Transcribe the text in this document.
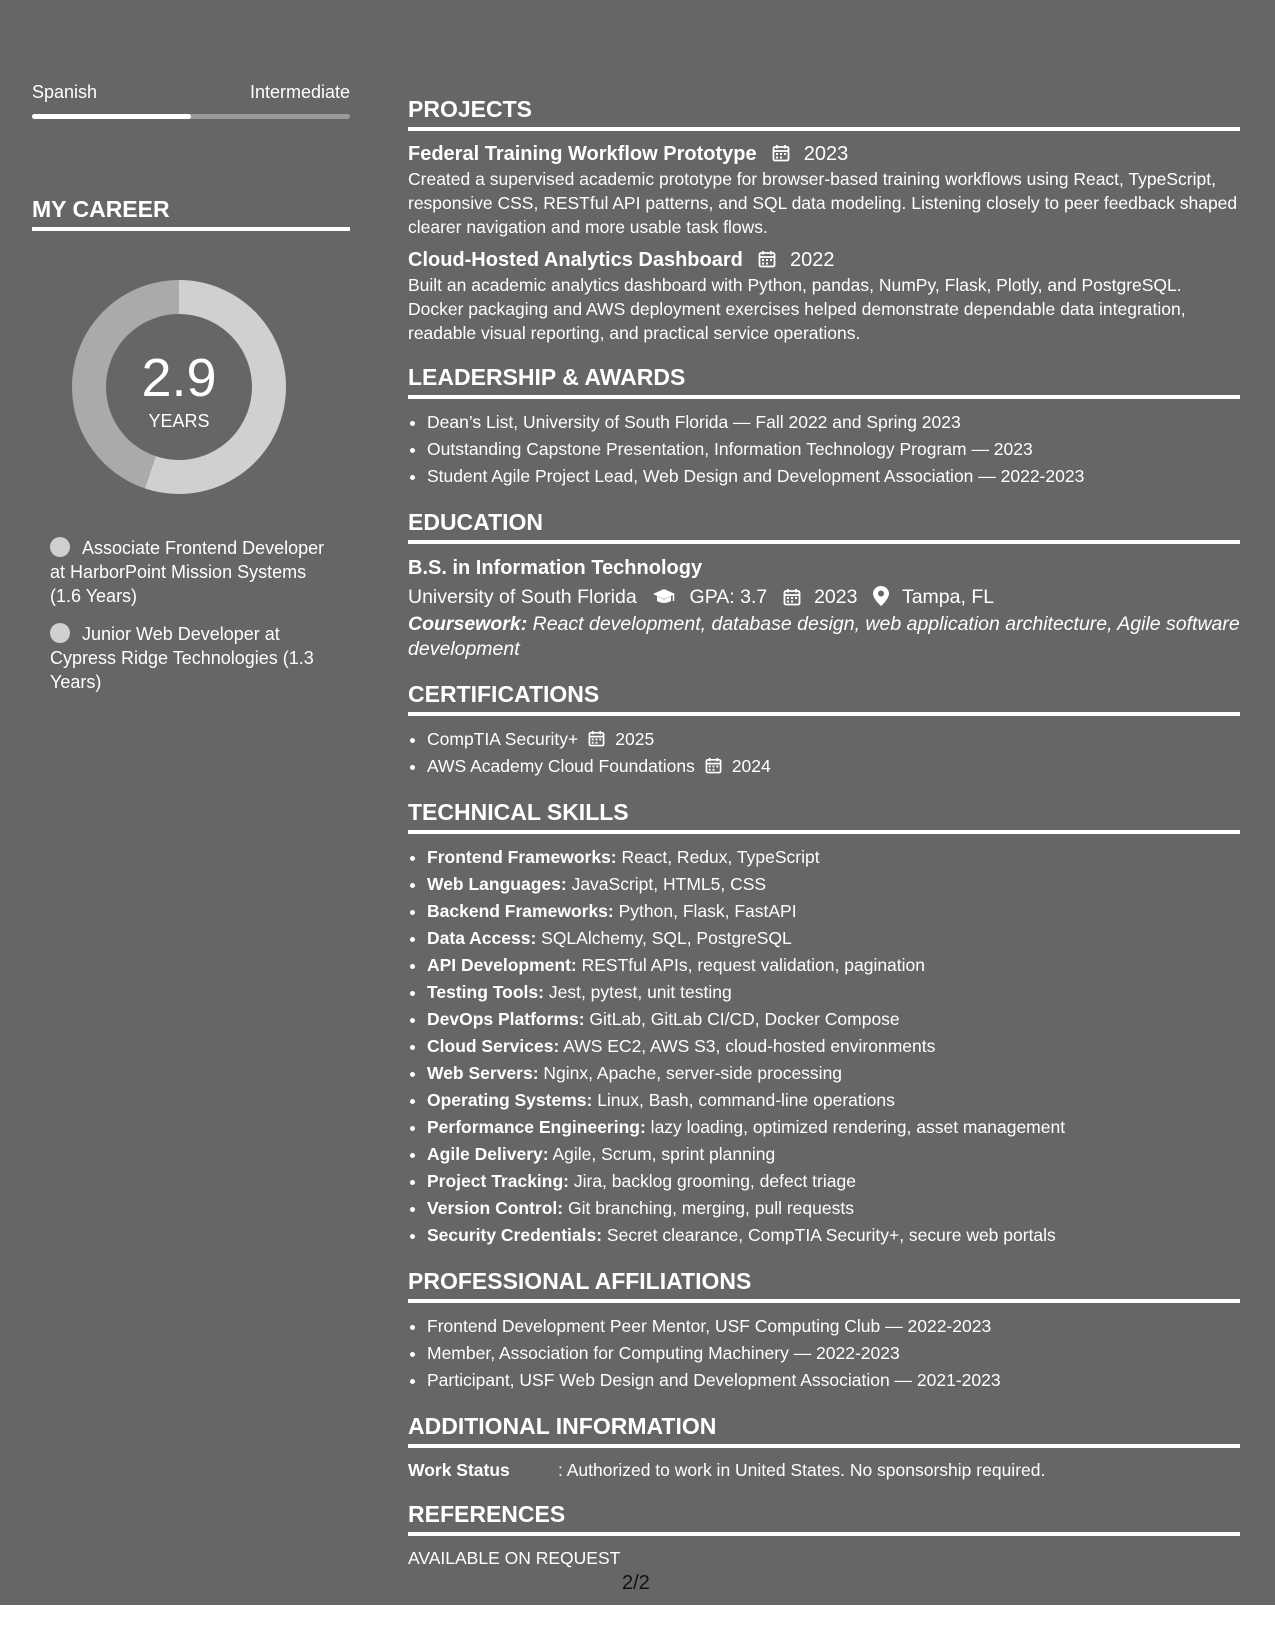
Spanish	Intermediate
MY CAREER
2.9
YEARS
Associate Frontend Developer at HarborPoint Mission Systems (1.6 Years)
Junior Web Developer at Cypress Ridge Technologies (1.3 Years)
PROJECTS
Federal Training Workflow Prototype 2023
Created a supervised academic prototype for browser-based training workflows using React, TypeScript, responsive CSS, RESTful API patterns, and SQL data modeling. Listening closely to peer feedback shaped clearer navigation and more usable task flows.
Cloud-Hosted Analytics Dashboard 2022
Built an academic analytics dashboard with Python, pandas, NumPy, Flask, Plotly, and PostgreSQL. Docker packaging and AWS deployment exercises helped demonstrate dependable data integration, readable visual reporting, and practical service operations.
LEADERSHIP & AWARDS
• Dean’s List, University of South Florida — Fall 2022 and Spring 2023
• Outstanding Capstone Presentation, Information Technology Program — 2023
• Student Agile Project Lead, Web Design and Development Association — 2022-2023
EDUCATION
B.S. in Information Technology
University of South Florida	GPA: 3.7 2023 Tampa, FL
Coursework: React development, database design, web application architecture, Agile software development
CERTIFICATIONS
• CompTIA Security+ 2025
• AWS Academy Cloud Foundations 2024
TECHNICAL SKILLS
• Frontend Frameworks: React, Redux, TypeScript
• Web Languages: JavaScript, HTML5, CSS
• Backend Frameworks: Python, Flask, FastAPI
• Data Access: SQLAlchemy, SQL, PostgreSQL
• API Development: RESTful APIs, request validation, pagination
• Testing Tools: Jest, pytest, unit testing
• DevOps Platforms: GitLab, GitLab CI/CD, Docker Compose
• Cloud Services: AWS EC2, AWS S3, cloud-hosted environments
• Web Servers: Nginx, Apache, server-side processing
• Operating Systems: Linux, Bash, command-line operations
• Performance Engineering: lazy loading, optimized rendering, asset management
• Agile Delivery: Agile, Scrum, sprint planning
• Project Tracking: Jira, backlog grooming, defect triage
• Version Control: Git branching, merging, pull requests
• Security Credentials: Secret clearance, CompTIA Security+, secure web portals
PROFESSIONAL AFFILIATIONS
• Frontend Development Peer Mentor, USF Computing Club — 2022-2023
• Member, Association for Computing Machinery — 2022-2023
• Participant, USF Web Design and Development Association — 2021-2023
ADDITIONAL INFORMATION
Work Status	: Authorized to work in United States. No sponsorship required.
REFERENCES
AVAILABLE ON REQUEST
2/2
